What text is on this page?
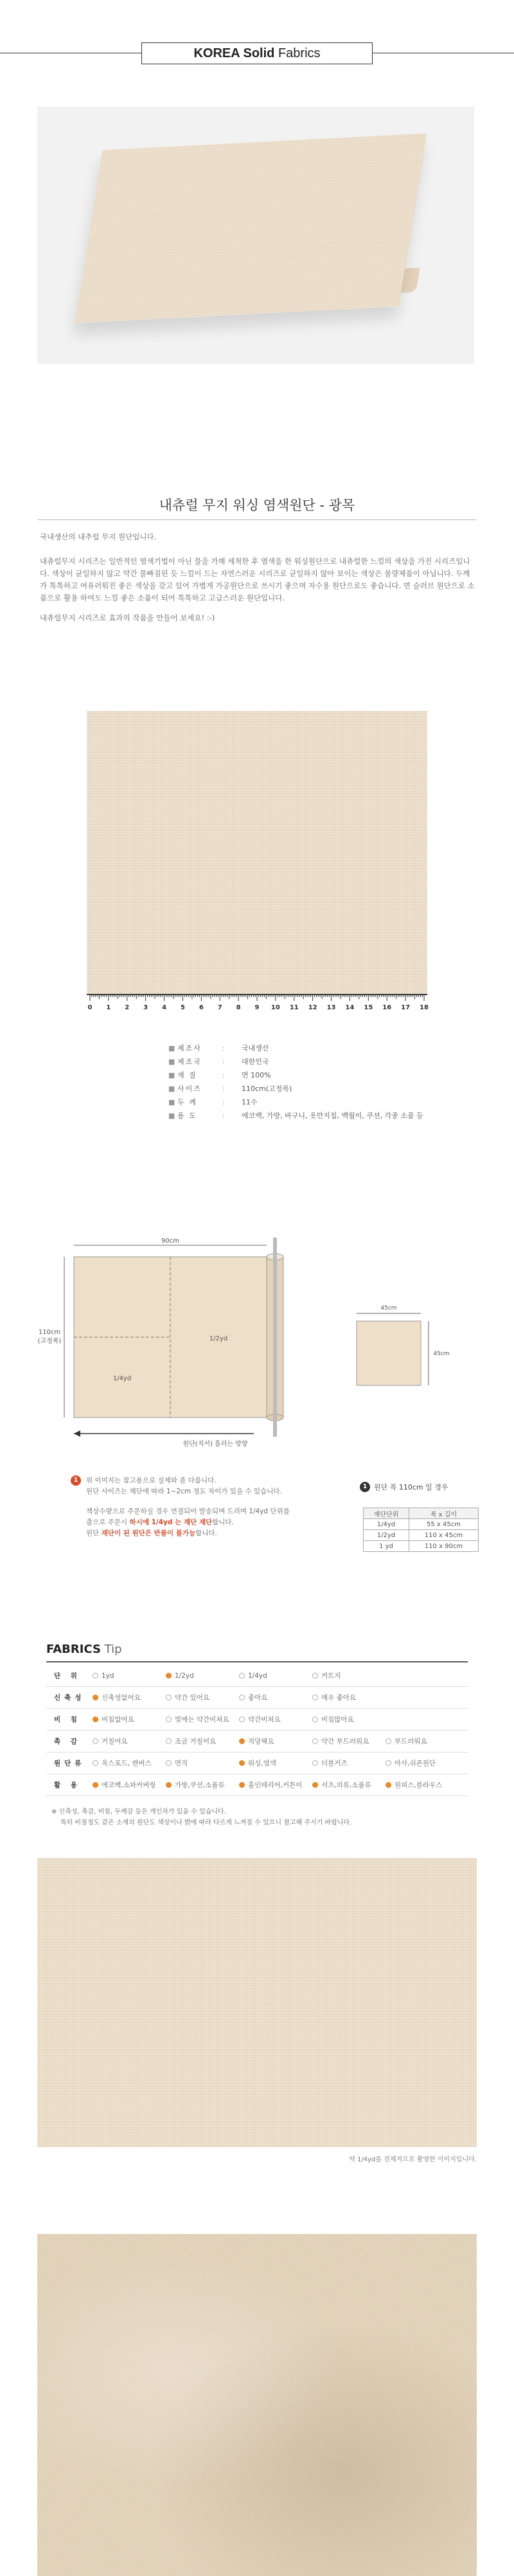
KOREA Solid Fabrics
내츄럴 무지 워싱 염색원단 - 광목
국내생산의 내추럴 무지 원단입니다.
내츄럴무지 시리즈는 일반적인 염색기법이 아닌 물을 가해 세척한 후 염색을 한 워싱원단으로 내츄럴한 느낌의 색상을 가진 시리즈입니다. 색상이 균일하지 않고 약간 물빠짐된 듯 느낌이 드는 자연스러운 시리즈로 균일하지 않아 보이는 색상은 불량제품이 아닙니다. 두께가 톡톡하고 여유러워진 좋은 색상을 갖고 있어 가볍게 가공원단으로 쓰시기 좋으며 자수용 원단으로도 좋습니다. 면 슬러브 원단으로 소품으로 활용 하여도 느낌 좋은 소품이 되어 톡톡하고 고급스러운 원단입니다.
내츄럴무지 시리즈로 효과의 작품을 만들어 보세요! :-)
0 1 2 3 4 5 6 7 8 9 10 11 12 13 14 15 16 17 18
■ 제조사	:	국내생산
■ 제조국	:	대한민국
■ 재 질	:	면 100%
■ 사이즈	:	110cm(고정폭)
■ 두 께	:	11수
■ 용 도	:	에코백, 가방, 바구니, 옷만지칩, 백월이, 쿠션, 각종 소품 등
90cm
110cm
(고정폭)	1/2yd
1/4yd
원단(직서) 흘러는 방향
45cm
45cm
1	위 이미지는 참고용으로 실제와 좀 다릅니다.
원단 사이즈는 재단에 따라 1~2cm 정도 차이가 있을 수 있습니다.
책상수량으로 주문하실 경우 연결되어 발송되며 드리며 1/4yd 단위를
출으로 주문시 하시에 1/4yd 는 재단 재단합니다.
원단 재단이 된 원단은 반품이 불가능합니다.
1 원단 폭 110cm 일 경우
재단단위	폭 x 길이
1/4yd	55 x 45cm
1/2yd	110 x 45cm
1 yd	110 x 90cm
FABRICS Tip
단 위	1yd	1/2yd	1/4yd	커트지
신축성	신축성없어요	약간 있어요	좋아요	매우 좋아요
비 침	비침없어요	빛에는 약간비쳐요	약간비쳐요	비침많아요
촉 감	거칠어요	조금 거칠어요	적당해요	약간 부드러워요	부드러워요
원단류	옥스포드, 캔버스	면직	워싱,염색	더블거즈	아사,쉬폰원단
활 용	에코백,소파커버링	가방,쿠션,소품류	홈인테리어,커튼이	셔츠,의류,소품류	원피스,블라우스
※ 신축성, 촉감, 비침, 두께감 등은 개인차가 있을 수 있습니다.
특히 비침정도 같은 소재의 원단도 색상이나 밝에 따라 다르게 느껴질 수 있으니 참고해 주시기 바랍니다.
약 1/4yd를 전체적으로 촬영한 이미지입니다.
